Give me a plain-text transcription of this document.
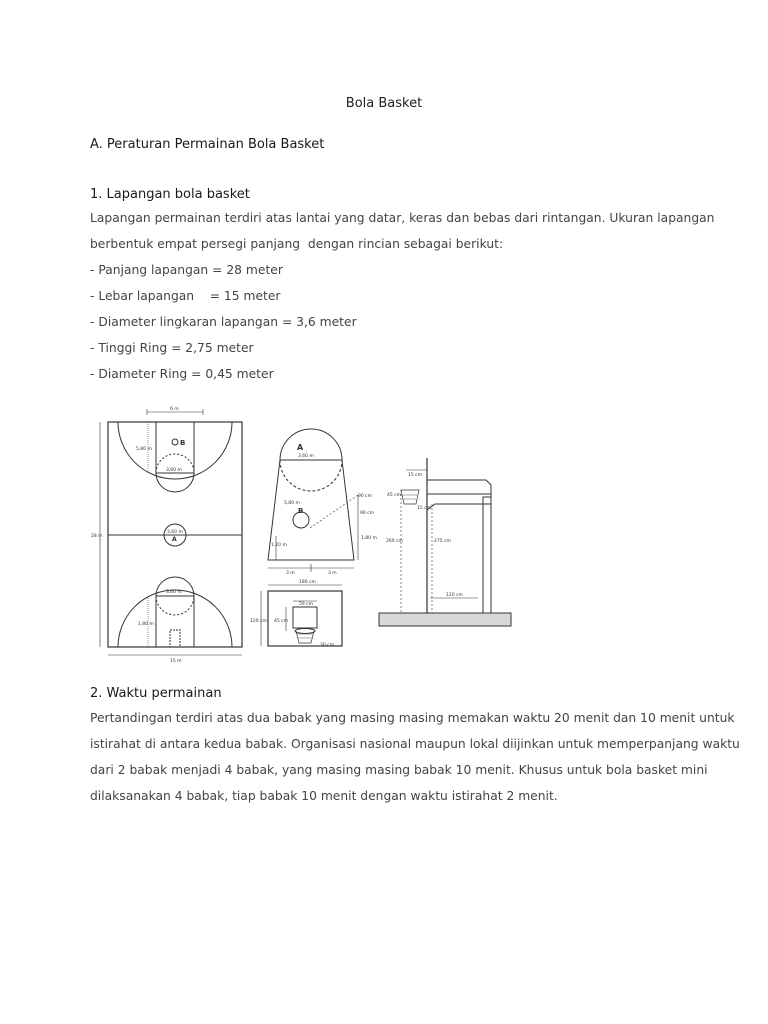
Bola Basket
A. Peraturan Permainan Bola Basket
1. Lapangan bola basket
Lapangan permainan terdiri atas lantai yang datar, keras dan bebas dari rintangan. Ukuran lapangan
berbentuk empat persegi panjang  dengan rincian sebagai berikut:
- Panjang lapangan = 28 meter
- Lebar lapangan    = 15 meter
- Diameter lingkaran lapangan = 3,6 meter
- Tinggi Ring = 2,75 meter
- Diameter Ring = 0,45 meter
6 m
5,80 m
3,60 m
B
3,60 m
A
28 m
3,60 m
1,80 m
15 m
A
3,60 m
B
5,80 m
90 cm
90 cm
1,80 m
1,20 m
3 m	3 m
180 cm
59 cm
45 cm
120 cm
30 cm
15 cm
45 cm
15 cm
260 cm	275 cm
120 cm
2. Waktu permainan
Pertandingan terdiri atas dua babak yang masing masing memakan waktu 20 menit dan 10 menit untuk
istirahat di antara kedua babak. Organisasi nasional maupun lokal diijinkan untuk memperpanjang waktu
dari 2 babak menjadi 4 babak, yang masing masing babak 10 menit. Khusus untuk bola basket mini
dilaksanakan 4 babak, tiap babak 10 menit dengan waktu istirahat 2 menit.
